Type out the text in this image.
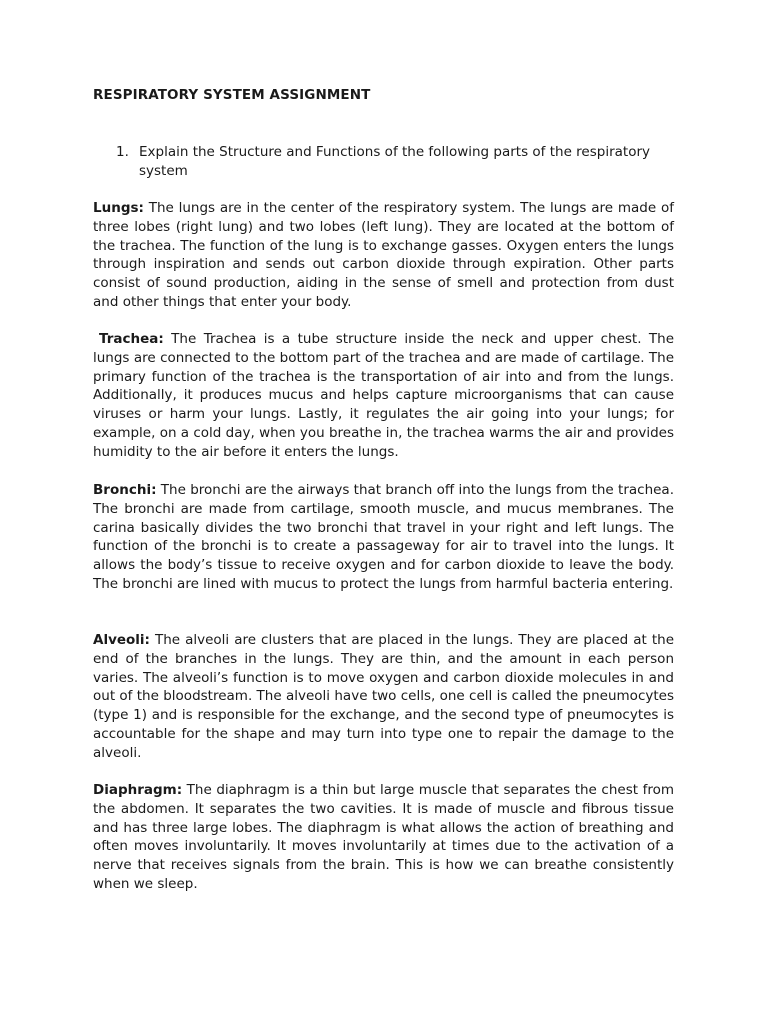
RESPIRATORY SYSTEM ASSIGNMENT
1. Explain the Structure and Functions of the following parts of the respiratory system

Lungs: The lungs are in the center of the respiratory system. The lungs are made of three lobes (right lung) and two lobes (left lung). They are located at the bottom of the trachea. The function of the lung is to exchange gasses. Oxygen enters the lungs through inspiration and sends out carbon dioxide through expiration. Other parts consist of sound production, aiding in the sense of smell and protection from dust and other things that enter your body.

Trachea: The Trachea is a tube structure inside the neck and upper chest. The lungs are connected to the bottom part of the trachea and are made of cartilage. The primary function of the trachea is the transportation of air into and from the lungs. Additionally, it produces mucus and helps capture microorganisms that can cause viruses or harm your lungs. Lastly, it regulates the air going into your lungs; for example, on a cold day, when you breathe in, the trachea warms the air and provides humidity to the air before it enters the lungs.

Bronchi: The bronchi are the airways that branch off into the lungs from the trachea. The bronchi are made from cartilage, smooth muscle, and mucus membranes. The carina basically divides the two bronchi that travel in your right and left lungs. The function of the bronchi is to create a passageway for air to travel into the lungs. It allows the body’s tissue to receive oxygen and for carbon dioxide to leave the body. The bronchi are lined with mucus to protect the lungs from harmful bacteria entering.

Alveoli: The alveoli are clusters that are placed in the lungs. They are placed at the end of the branches in the lungs. They are thin, and the amount in each person varies. The alveoli’s function is to move oxygen and carbon dioxide molecules in and out of the bloodstream. The alveoli have two cells, one cell is called the pneumocytes (type 1) and is responsible for the exchange, and the second type of pneumocytes is accountable for the shape and may turn into type one to repair the damage to the alveoli.

Diaphragm: The diaphragm is a thin but large muscle that separates the chest from the abdomen. It separates the two cavities. It is made of muscle and fibrous tissue and has three large lobes. The diaphragm is what allows the action of breathing and often moves involuntarily. It moves involuntarily at times due to the activation of a nerve that receives signals from the brain. This is how we can breathe consistently when we sleep.
